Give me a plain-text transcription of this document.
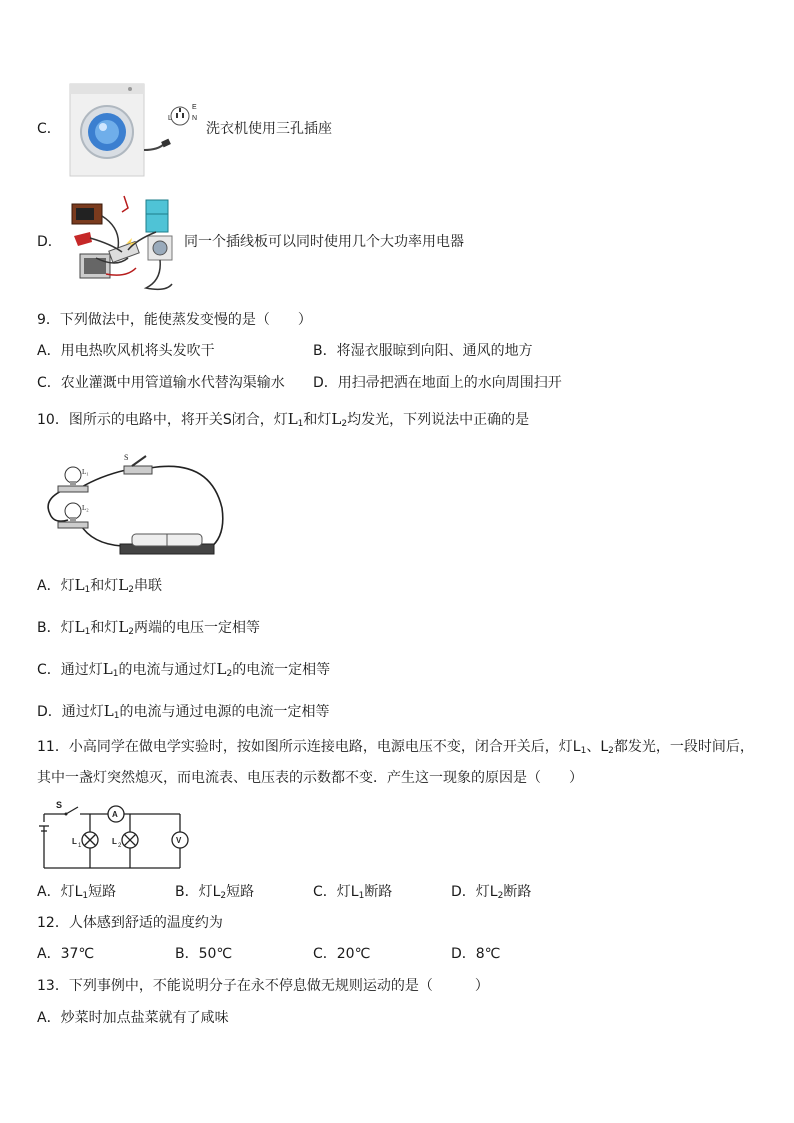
C．
L
E
N
洗衣机使用三孔插座
D．	同一个插线板可以同时使用几个大功率用电器
9．下列做法中，能使蒸发变慢的是（　　）
A．用电热吹风机将头发吹干	B．将湿衣服晾到向阳、通风的地方
C．农业灌溉中用管道输水代替沟渠输水 D．用扫帚把洒在地面上的水向周围扫开
10．图所示的电路中，将开关S闭合，灯$L_1$和灯$L_2$均发光，下列说法中正确的是
L₁
L₂
S
A．灯$L_1$和灯$L_2$串联
B．灯$L_1$和灯$L_2$两端的电压一定相等
C．通过灯$L_1$的电流与通过灯$L_2$的电流一定相等
D．通过灯$L_1$的电流与通过电源的电流一定相等
11．小高同学在做电学实验时，按如图所示连接电路，电源电压不变，闭合开关后，灯$L_1$、$L_2$都发光，一段时间后，
其中一盏灯突然熄灭，而电流表、电压表的示数都不变．产生这一现象的原因是（　　）
S
A
V
L 1	L 2
A．灯$L_1$短路	B．灯$L_2$短路	C．灯$L_1$断路	D．灯$L_2$断路
12．人体感到舒适的温度约为
A．37℃	B．50℃	C．20℃	D．8℃
13．下列事例中，不能说明分子在永不停息做无规则运动的是（　　　）
A．炒菜时加点盐菜就有了咸味
